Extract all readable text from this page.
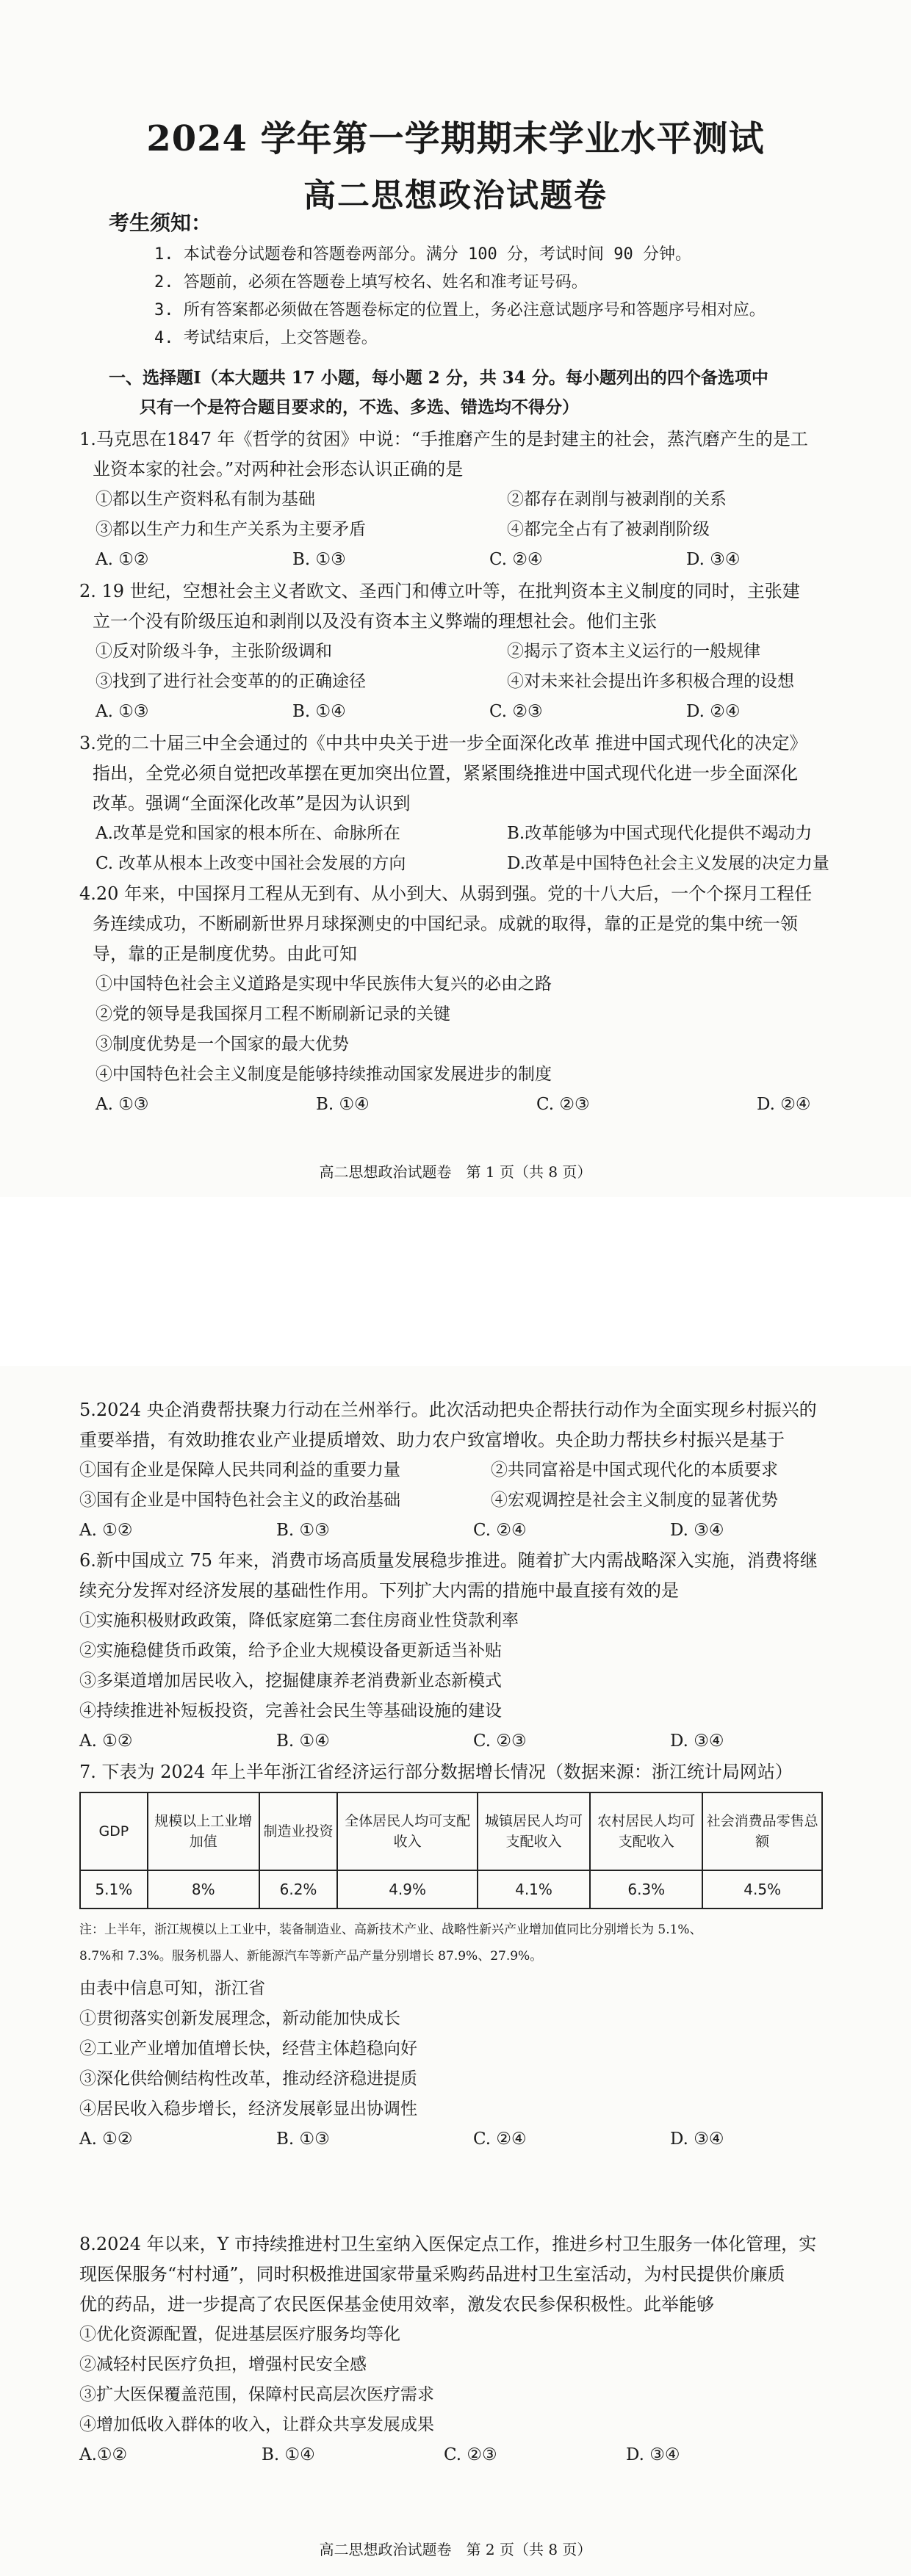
2024 学年第一学期期末学业水平测试
高二思想政治试题卷
考生须知：
1. 本试卷分试题卷和答题卷两部分。满分 100 分，考试时间 90 分钟。
2. 答题前，必须在答题卷上填写校名、姓名和准考证号码。
3. 所有答案都必须做在答题卷标定的位置上，务必注意试题序号和答题序号相对应。
4. 考试结束后，上交答题卷。
一、选择题Ⅰ（本大题共 17 小题，每小题 2 分，共 34 分。每小题列出的四个备选项中
只有一个是符合题目要求的，不选、多选、错选均不得分）
1.马克思在1847 年《哲学的贫困》中说：“手推磨产生的是封建主的社会，蒸汽磨产生的是工
业资本家的社会。”对两种社会形态认识正确的是
①都以生产资料私有制为基础	②都存在剥削与被剥削的关系
③都以生产力和生产关系为主要矛盾	④都完全占有了被剥削阶级
A. ①②	B. ①③	C. ②④	D. ③④
2. 19 世纪，空想社会主义者欧文、圣西门和傅立叶等，在批判资本主义制度的同时，主张建
立一个没有阶级压迫和剥削以及没有资本主义弊端的理想社会。他们主张
①反对阶级斗争，主张阶级调和	②揭示了资本主义运行的一般规律
③找到了进行社会变革的的正确途径	④对未来社会提出许多积极合理的设想
A. ①③	B. ①④	C. ②③	D. ②④
3.党的二十届三中全会通过的《中共中央关于进一步全面深化改革 推进中国式现代化的决定》
指出，全党必须自觉把改革摆在更加突出位置，紧紧围绕推进中国式现代化进一步全面深化
改革。强调“全面深化改革”是因为认识到
A.改革是党和国家的根本所在、命脉所在	B.改革能够为中国式现代化提供不竭动力
C. 改革从根本上改变中国社会发展的方向	D.改革是中国特色社会主义发展的决定力量
4.20 年来，中国探月工程从无到有、从小到大、从弱到强。党的十八大后，一个个探月工程任
务连续成功，不断刷新世界月球探测史的中国纪录。成就的取得，靠的正是党的集中统一领
导，靠的正是制度优势。由此可知
①中国特色社会主义道路是实现中华民族伟大复兴的必由之路
②党的领导是我国探月工程不断刷新记录的关键
③制度优势是一个国家的最大优势
④中国特色社会主义制度是能够持续推动国家发展进步的制度
A. ①③	B. ①④	C. ②③	D. ②④
高二思想政治试题卷　第 1 页（共 8 页）
5.2024 央企消费帮扶聚力行动在兰州举行。此次活动把央企帮扶行动作为全面实现乡村振兴的
重要举措，有效助推农业产业提质增效、助力农户致富增收。央企助力帮扶乡村振兴是基于
①国有企业是保障人民共同利益的重要力量	②共同富裕是中国式现代化的本质要求
③国有企业是中国特色社会主义的政治基础	④宏观调控是社会主义制度的显著优势
A. ①②	B. ①③	C. ②④	D. ③④
6.新中国成立 75 年来，消费市场高质量发展稳步推进。随着扩大内需战略深入实施，消费将继
续充分发挥对经济发展的基础性作用。下列扩大内需的措施中最直接有效的是
①实施积极财政政策，降低家庭第二套住房商业性贷款利率
②实施稳健货币政策，给予企业大规模设备更新适当补贴
③多渠道增加居民收入，挖掘健康养老消费新业态新模式
④持续推进补短板投资，完善社会民生等基础设施的建设
A. ①②	B. ①④	C. ②③	D. ③④
7. 下表为 2024 年上半年浙江省经济运行部分数据增长情况（数据来源：浙江统计局网站）
GDP	规模以上工业增加值	制造业投资	全体居民人均可支配收入	城镇居民人均可支配收入	农村居民人均可支配收入	社会消费品零售总额
5.1%	8%	6.2%	4.9%	4.1%	6.3%	4.5%
注：上半年，浙江规模以上工业中，装备制造业、高新技术产业、战略性新兴产业增加值同比分别增长为 5.1%、
8.7%和 7.3%。服务机器人、新能源汽车等新产品产量分别增长 87.9%、27.9%。
由表中信息可知，浙江省
①贯彻落实创新发展理念，新动能加快成长
②工业产业增加值增长快，经营主体趋稳向好
③深化供给侧结构性改革，推动经济稳进提质
④居民收入稳步增长，经济发展彰显出协调性
A. ①②	B. ①③	C. ②④	D. ③④
8.2024 年以来，Y 市持续推进村卫生室纳入医保定点工作，推进乡村卫生服务一体化管理，实
现医保服务“村村通”，同时积极推进国家带量采购药品进村卫生室活动，为村民提供价廉质
优的药品，进一步提高了农民医保基金使用效率，激发农民参保积极性。此举能够
①优化资源配置，促进基层医疗服务均等化
②减轻村民医疗负担，增强村民安全感
③扩大医保覆盖范围，保障村民高层次医疗需求
④增加低收入群体的收入，让群众共享发展成果
A.①②	B. ①④	C. ②③	D. ③④
高二思想政治试题卷　第 2 页（共 8 页）
